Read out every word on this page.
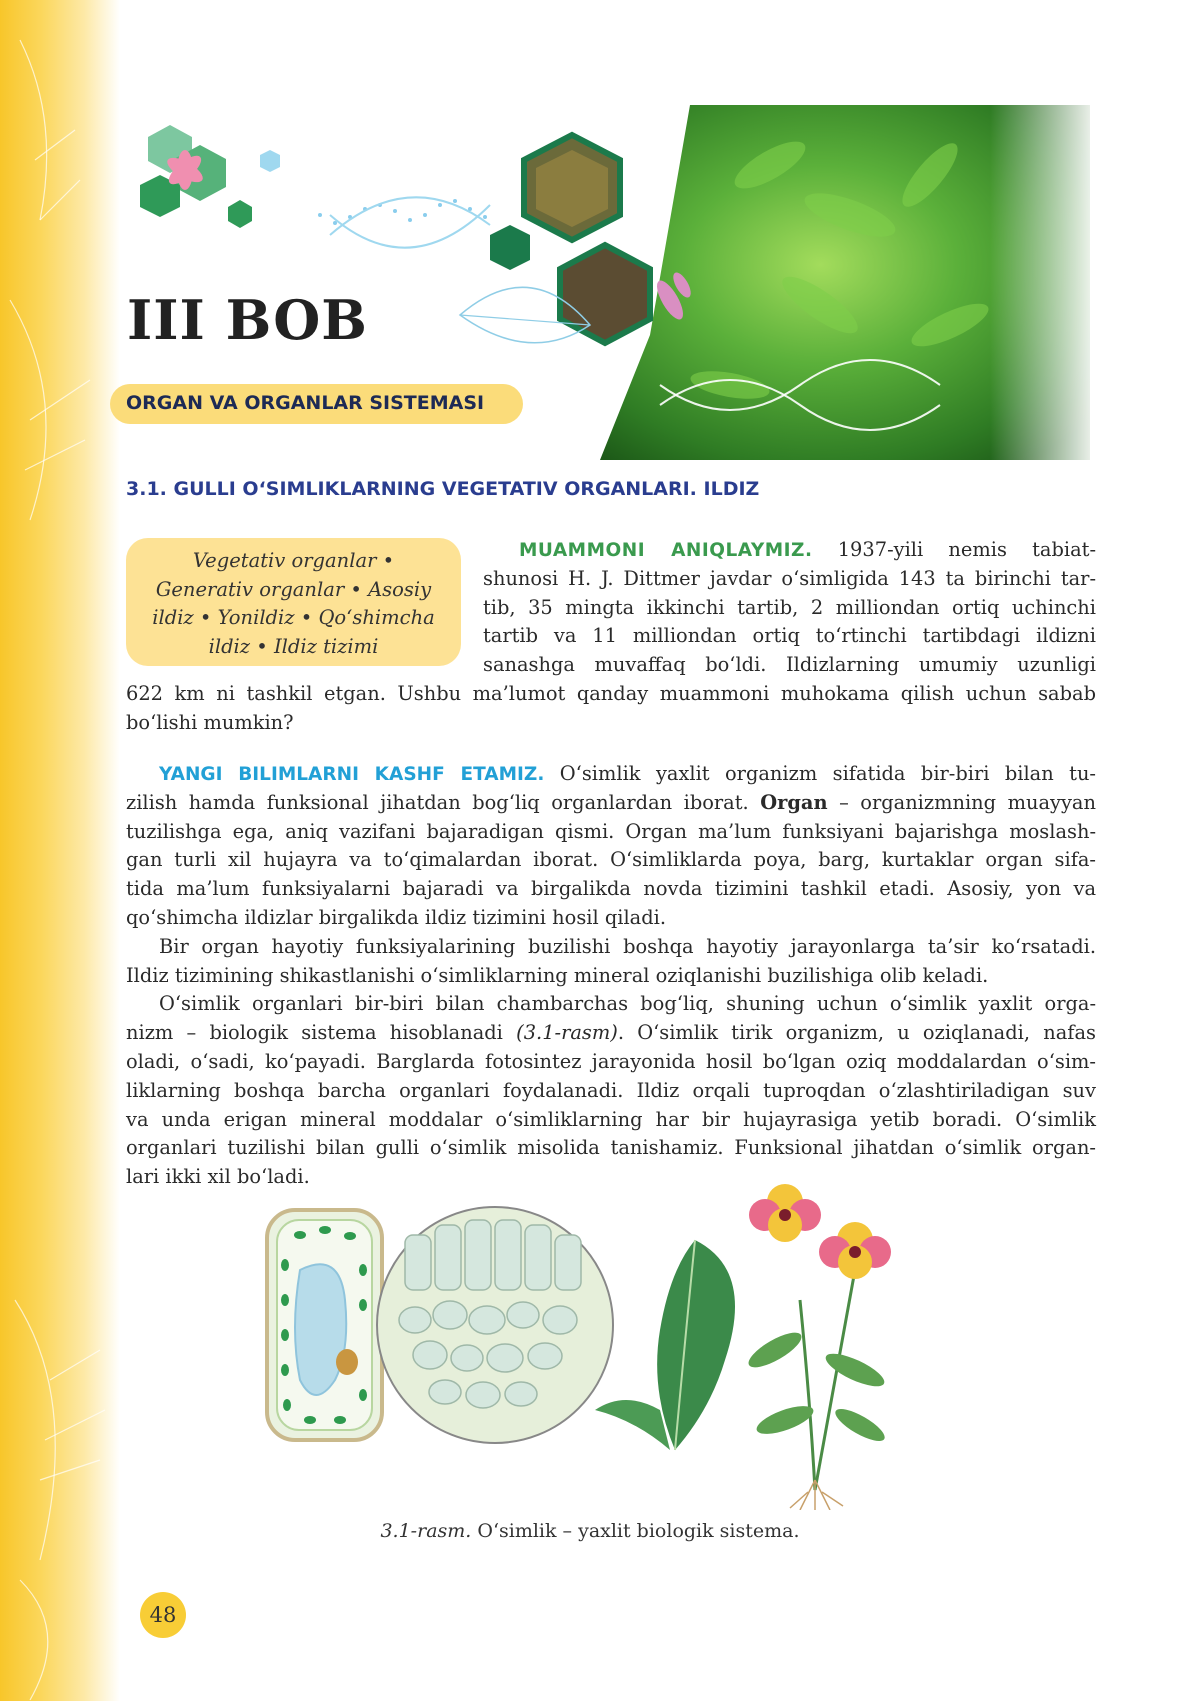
III BOB
ORGAN VA ORGANLAR SISTEMASI
3.1. GULLI O‘SIMLIKLARNING VEGETATIV ORGANLARI. ILDIZ
Vegetativ organlar •
Generativ organlar • Asosiy
ildiz • Yonildiz • Qo‘shimcha
ildiz • Ildiz tizimi
MUAMMONI ANIQLAYMIZ. 1937-yili nemis tabiat-
shunosi H. J. Dittmer javdar o‘simligida 143 ta birinchi tar-
tib, 35 mingta ikkinchi tartib, 2 milliondan ortiq uchinchi
tartib va 11 milliondan ortiq to‘rtinchi tartibdagi ildizni
sanashga muvaffaq bo‘ldi. Ildizlarning umumiy uzunligi
622 km ni tashkil etgan. Ushbu ma’lumot qanday muammoni muhokama qilish uchun sabab
bo‘lishi mumkin?
YANGI BILIMLARNI KASHF ETAMIZ. O‘simlik yaxlit organizm sifatida bir-biri bilan tu-
zilish hamda funksional jihatdan bog‘liq organlardan iborat. Organ – organizmning muayyan
tuzilishga ega, aniq vazifani bajaradigan qismi. Organ ma’lum funksiyani bajarishga moslash-
gan turli xil hujayra va to‘qimalardan iborat. O‘simliklarda poya, barg, kurtaklar organ sifa-
tida ma’lum funksiyalarni bajaradi va birgalikda novda tizimini tashkil etadi. Asosiy, yon va
qo‘shimcha ildizlar birgalikda ildiz tizimini hosil qiladi.
Bir organ hayotiy funksiyalarining buzilishi boshqa hayotiy jarayonlarga ta’sir ko‘rsatadi.
Ildiz tizimining shikastlanishi o‘simliklarning mineral oziqlanishi buzilishiga olib keladi.
O‘simlik organlari bir-biri bilan chambarchas bog‘liq, shuning uchun o‘simlik yaxlit orga-
nizm – biologik sistema hisoblanadi (3.1-rasm). O‘simlik tirik organizm, u oziqlanadi, nafas
oladi, o‘sadi, ko‘payadi. Barglarda fotosintez jarayonida hosil bo‘lgan oziq moddalardan o‘sim-
liklarning boshqa barcha organlari foydalanadi. Ildiz orqali tuproqdan o‘zlashtiriladigan suv
va unda erigan mineral moddalar o‘simliklarning har bir hujayrasiga yetib boradi. O‘simlik
organlari tuzilishi bilan gulli o‘simlik misolida tanishamiz. Funksional jihatdan o‘simlik organ-
lari ikki xil bo‘ladi.
3.1-rasm. O‘simlik – yaxlit biologik sistema.
48
